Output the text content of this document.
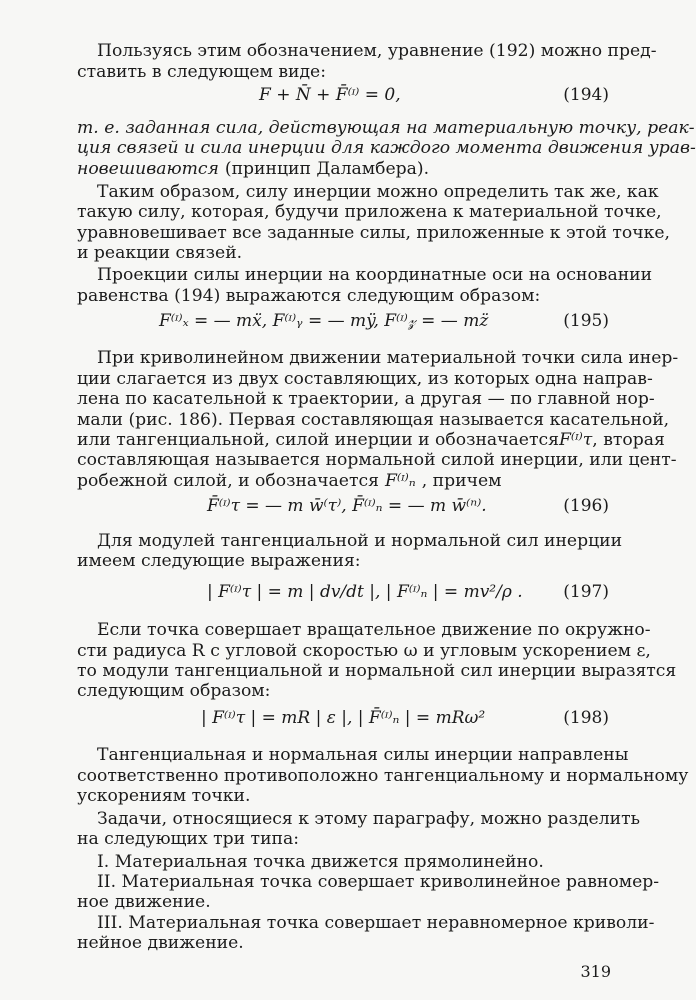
Пользуясь этим обозначением, уравнение (192) можно пред-
ставить в следующем виде:
F + N̄ + F̄⁽ᶦ⁾ = 0,	(194)
т. е. заданная сила, действующая на материальную точку, реак-
ция связей и сила инерции для каждого момента движения урав-
новешиваются (принцип Даламбера).
Таким образом, силу инерции можно определить так же, как
такую силу, которая, будучи приложена к материальной точке,
уравновешивает все заданные силы, приложенные к этой точке,
и реакции связей.
Проекции силы инерции на координатные оси на основании
равенства (194) выражаются следующим образом:
F⁽ᶦ⁾ₓ = — mẍ, F⁽ᶦ⁾ᵧ = — mÿ, F⁽ᶦ⁾𝓏 = — mz̈	(195)
При криволинейном движении материальной точки сила инер-
ции слагается из двух составляющих, из которых одна направ-
лена по касательной к траектории, а другая — по главной нор-
мали (рис. 186). Первая составляющая называется касательной,
или тангенциальной, силой инерции и обозначается F⁽ᶦ⁾τ , вторая
составляющая называется нормальной силой инерции, или цент-
робежной силой, и обозначается F⁽ᶦ⁾ₙ , причем
F̄⁽ᶦ⁾τ = — m w̄⁽τ⁾, F̄⁽ᶦ⁾ₙ = — m w̄⁽ⁿ⁾.	(196)
Для модулей тангенциальной и нормальной сил инерции
имеем следующие выражения:
| F⁽ᶦ⁾τ | = m | dv/dt |, | F⁽ᶦ⁾ₙ | = mv²/ρ . (197)
Если точка совершает вращательное движение по окружно-
сти радиуса R с угловой скоростью ω и угловым ускорением ε,
то модули тангенциальной и нормальной сил инерции выразятся
следующим образом:
| F⁽ᶦ⁾τ | = mR | ε |, | F̄⁽ᶦ⁾ₙ | = mRω²	(198)
Тангенциальная и нормальная силы инерции направлены
соответственно противоположно тангенциальному и нормальному
ускорениям точки.
Задачи, относящиеся к этому параграфу, можно разделить
на следующих три типа:
I. Материальная точка движется прямолинейно.
II. Материальная точка совершает криволинейное равномер-
ное движение.
III. Материальная точка совершает неравномерное криволи-
нейное движение.
319
